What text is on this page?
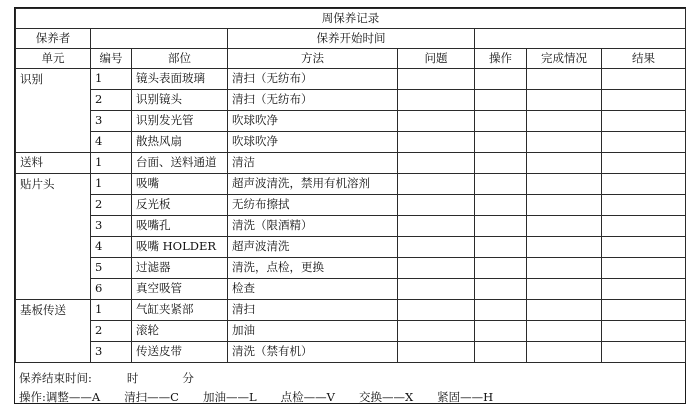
周保养记录							
保养者			保养开始时间				
单元	编号	部位	方法	问题	操作	完成情况	结果
识别	1	镜头表面玻璃	清扫（无纺布）				
	2	识别镜头	清扫（无纺布）				
	3	识别发光管	吹球吹净				
	4	散热风扇	吹球吹净				
送料	1	台面、送料通道	清洁				
贴片头	1	吸嘴	超声波清洗，禁用有机溶剂				
	2	反光板	无纺布擦拭				
	3	吸嘴孔	清洗（限酒精）				
	4	吸嘴 HOLDER	超声波清洗				
	5	过滤器	清洗，点检，更换				
	6	真空吸管	检查				
基板传送	1	气缸夹紧部	清扫				
	2	滚轮	加油				
	3	传送皮带	清洗（禁有机）				
保养结束时间:	时	分
操作:调整——A 清扫——C 加油——L 点检——V 交换——X 紧固——H
